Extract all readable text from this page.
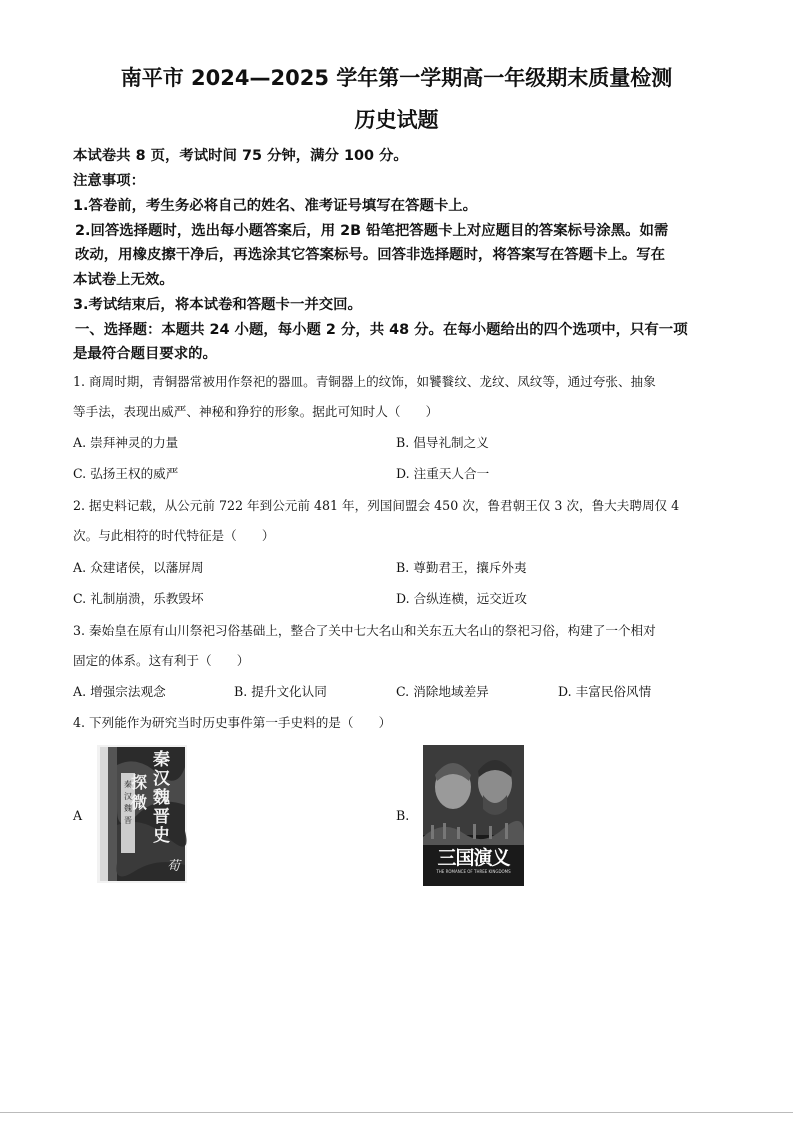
南平市 2024—2025 学年第一学期高一年级期末质量检测
历史试题
本试卷共 8 页，考试时间 75 分钟，满分 100 分。
注意事项：
1.答卷前，考生务必将自己的姓名、准考证号填写在答题卡上。
2.回答选择题时，选出每小题答案后，用 2B 铅笔把答题卡上对应题目的答案标号涂黑。如需
改动，用橡皮擦干净后，再选涂其它答案标号。回答非选择题时，将答案写在答题卡上。写在
本试卷上无效。
3.考试结束后，将本试卷和答题卡一并交回。
一、选择题：本题共 24 小题，每小题 2 分，共 48 分。在每小题给出的四个选项中，只有一项
是最符合题目要求的。
1. 商周时期，青铜器常被用作祭祀的器皿。青铜器上的纹饰，如饕餮纹、龙纹、凤纹等，通过夸张、抽象
等手法，表现出威严、神秘和狰狞的形象。据此可知时人（　　）
A. 崇拜神灵的力量	B. 倡导礼制之义
C. 弘扬王权的威严	D. 注重天人合一
2. 据史料记载，从公元前 722 年到公元前 481 年，列国间盟会 450 次，鲁君朝王仅 3 次，鲁大夫聘周仅 4
次。与此相符的时代特征是（　　）
A. 众建诸侯，以藩屏周	B. 尊勤君王，攘斥外夷
C. 礼制崩溃，乐教毁坏	D. 合纵连横，远交近攻
3. 秦始皇在原有山川祭祀习俗基础上，整合了关中七大名山和关东五大名山的祭祀习俗，构建了一个相对
固定的体系。这有利于（　　）
A. 增强宗法观念	B. 提升文化认同	C. 消除地域差异	D. 丰富民俗风情
4. 下列能作为研究当时历史事件第一手史料的是（　　）
A	B.
秦
汉
魏
晋
秦
汉
魏
晋
史
探
微
荀	三国演义
THE ROMANCE OF THREE KINGDOMS
